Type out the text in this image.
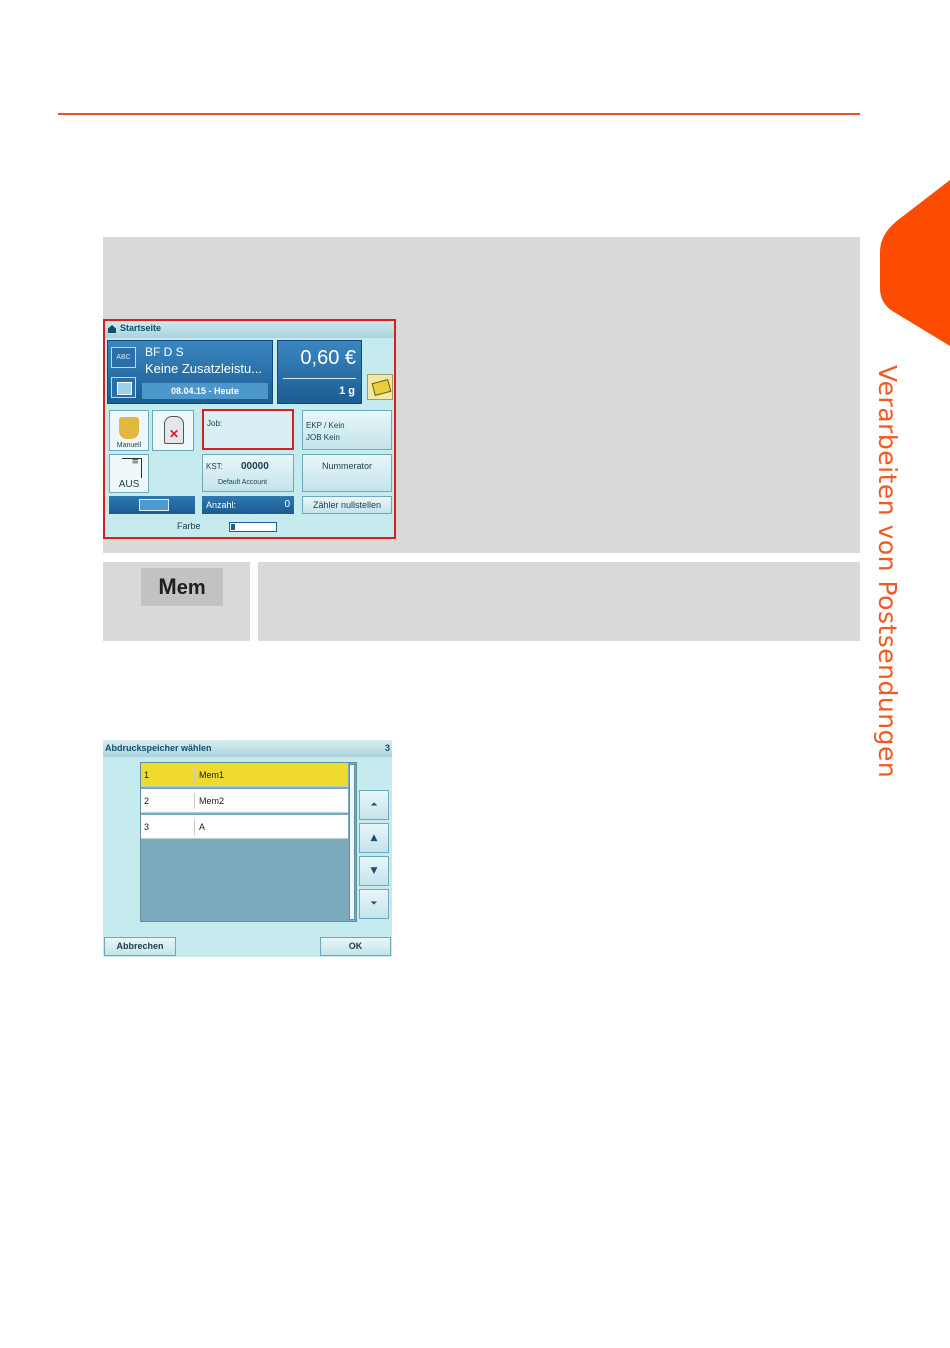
Verarbeiten von Postsendungen
Startseite
ABC	BF D S
Keine Zusatzleistu...
08.04.15 - Heute
0,60 €
1 g
Manuell
✕
Job:	EKP / Kein
JOB Kein
≡
AUS
KST: 00000
Default Account
Nummerator
Anzahl:	0	Zähler nullstellen
Farbe
Mem
Abdruckspeicher wählen	3
1	Mem1
2	Mem2
3	A
⏶
▲
▼
⏷
Abbrechen	OK
